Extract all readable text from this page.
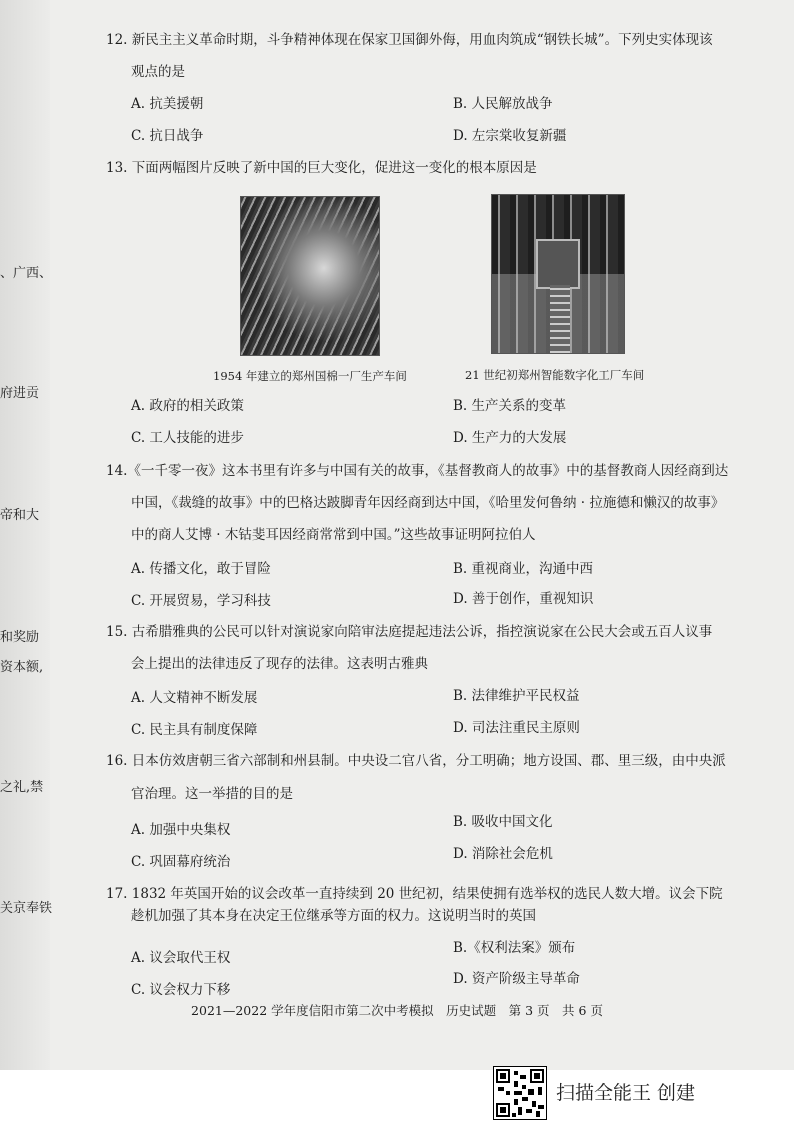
、广西、
府进贡
帝和大
和奖励
资本额,
之礼,禁
关京奉铁
12. 新民主主义革命时期，斗争精神体现在保家卫国御外侮，用血肉筑成“钢铁长城”。下列史实体现该
观点的是
A. 抗美援朝	B. 人民解放战争
C. 抗日战争	D. 左宗棠收复新疆
13. 下面两幅图片反映了新中国的巨大变化，促进这一变化的根本原因是
1954 年建立的郑州国棉一厂生产车间	21 世纪初郑州智能数字化工厂车间
A. 政府的相关政策	B. 生产关系的变革
C. 工人技能的进步	D. 生产力的大发展
14.《一千零一夜》这本书里有许多与中国有关的故事，《基督教商人的故事》中的基督教商人因经商到达
中国，《裁缝的故事》中的巴格达跛脚青年因经商到达中国，《哈里发何鲁纳 · 拉施德和懒汉的故事》
中的商人艾博 · 木钴斐耳因经商常常到中国。”这些故事证明阿拉伯人
A. 传播文化，敢于冒险	B. 重视商业，沟通中西
C. 开展贸易，学习科技	D. 善于创作，重视知识
15. 古希腊雅典的公民可以针对演说家向陪审法庭提起违法公诉，指控演说家在公民大会或五百人议事
会上提出的法律违反了现存的法律。这表明古雅典
A. 人文精神不断发展	B. 法律维护平民权益
C. 民主具有制度保障	D. 司法注重民主原则
16. 日本仿效唐朝三省六部制和州县制。中央设二官八省，分工明确；地方设国、郡、里三级，由中央派
官治理。这一举措的目的是
A. 加强中央集权	B. 吸收中国文化
C. 巩固幕府统治	D. 消除社会危机
17. 1832 年英国开始的议会改革一直持续到 20 世纪初，结果使拥有选举权的选民人数大增。议会下院
趁机加强了其本身在决定王位继承等方面的权力。这说明当时的英国
A. 议会取代王权
B.《权利法案》颁布
C. 议会权力下移
D. 资产阶级主导革命
2021—2022 学年度信阳市第二次中考模拟　历史试题　第 3 页　共 6 页
扫描全能王 创建
